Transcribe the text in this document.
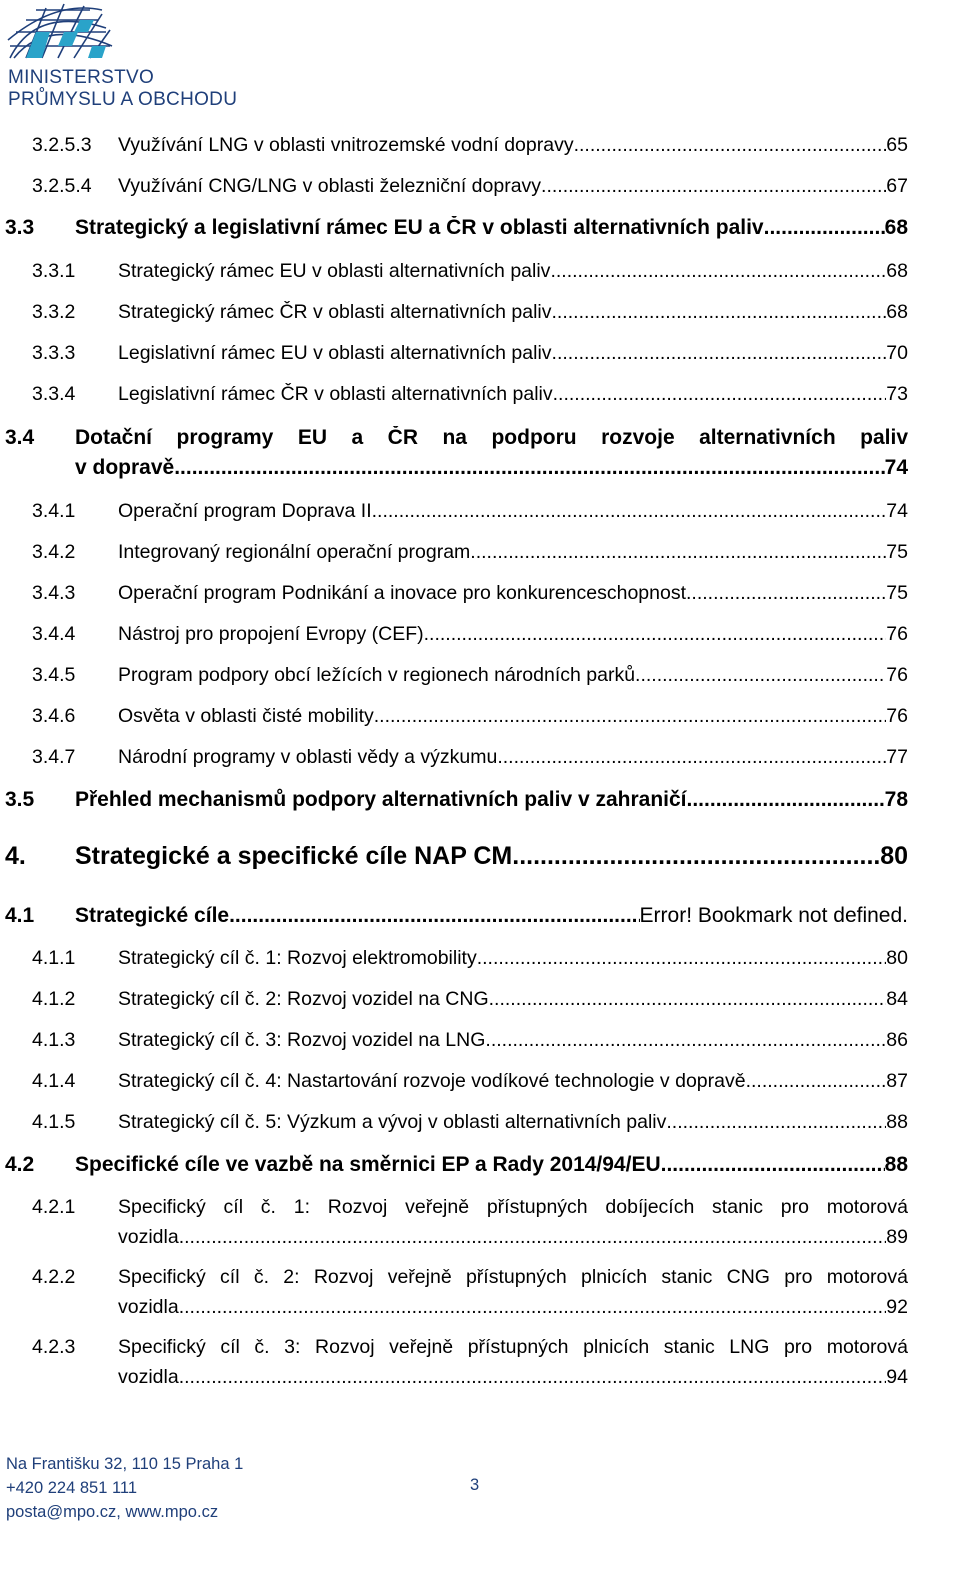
MINISTERSTVO
PRŮMYSLU A OBCHODU
3.2.5.3 Využívání LNG v oblasti vnitrozemské vodní dopravy .....	65
3.2.5.4 Využívání CNG/LNG v oblasti železniční dopravy .....	67
3.3 Strategický a legislativní rámec EU a ČR v oblasti alternativních paliv .....	68
3.3.1 Strategický rámec EU v oblasti alternativních paliv .....	68
3.3.2 Strategický rámec ČR v oblasti alternativních paliv .....	68
3.3.3 Legislativní rámec EU v oblasti alternativních paliv .....	70
3.3.4 Legislativní rámec ČR v oblasti alternativních paliv .....	73
3.4 Dotační programy EU a ČR na podporu rozvoje alternativních paliv
v dopravě .....	74
3.4.1 Operační program Doprava II .....	74
3.4.2 Integrovaný regionální operační program .....	75
3.4.3 Operační program Podnikání a inovace pro konkurenceschopnost .....	75
3.4.4 Nástroj pro propojení Evropy (CEF) .....	76
3.4.5 Program podpory obcí ležících v regionech národních parků .....	76
3.4.6 Osvěta v oblasti čisté mobility .....	76
3.4.7 Národní programy v oblasti vědy a výzkumu .....	77
3.5 Přehled mechanismů podpory alternativních paliv v zahraničí .....	78
4. Strategické a specifické cíle NAP CM .....	80
4.1 Strategické cíle .....	Error! Bookmark not defined.
4.1.1 Strategický cíl č. 1: Rozvoj elektromobility .....	80
4.1.2 Strategický cíl č. 2: Rozvoj vozidel na CNG .....	84
4.1.3 Strategický cíl č. 3: Rozvoj vozidel na LNG .....	86
4.1.4 Strategický cíl č. 4: Nastartování rozvoje vodíkové technologie v dopravě .....	87
4.1.5 Strategický cíl č. 5: Výzkum a vývoj v oblasti alternativních paliv .....	88
4.2 Specifické cíle ve vazbě na směrnici EP a Rady 2014/94/EU .....	88
4.2.1 Specifický cíl č. 1: Rozvoj veřejně přístupných dobíjecích stanic pro motorová
vozidla .....	89
4.2.2 Specifický cíl č. 2: Rozvoj veřejně přístupných plnicích stanic CNG pro motorová
vozidla .....	92
4.2.3 Specifický cíl č. 3: Rozvoj veřejně přístupných plnicích stanic LNG pro motorová
vozidla .....	94
Na Františku 32, 110 15 Praha 1
+420 224 851 111
posta@mpo.cz, www.mpo.cz
3
